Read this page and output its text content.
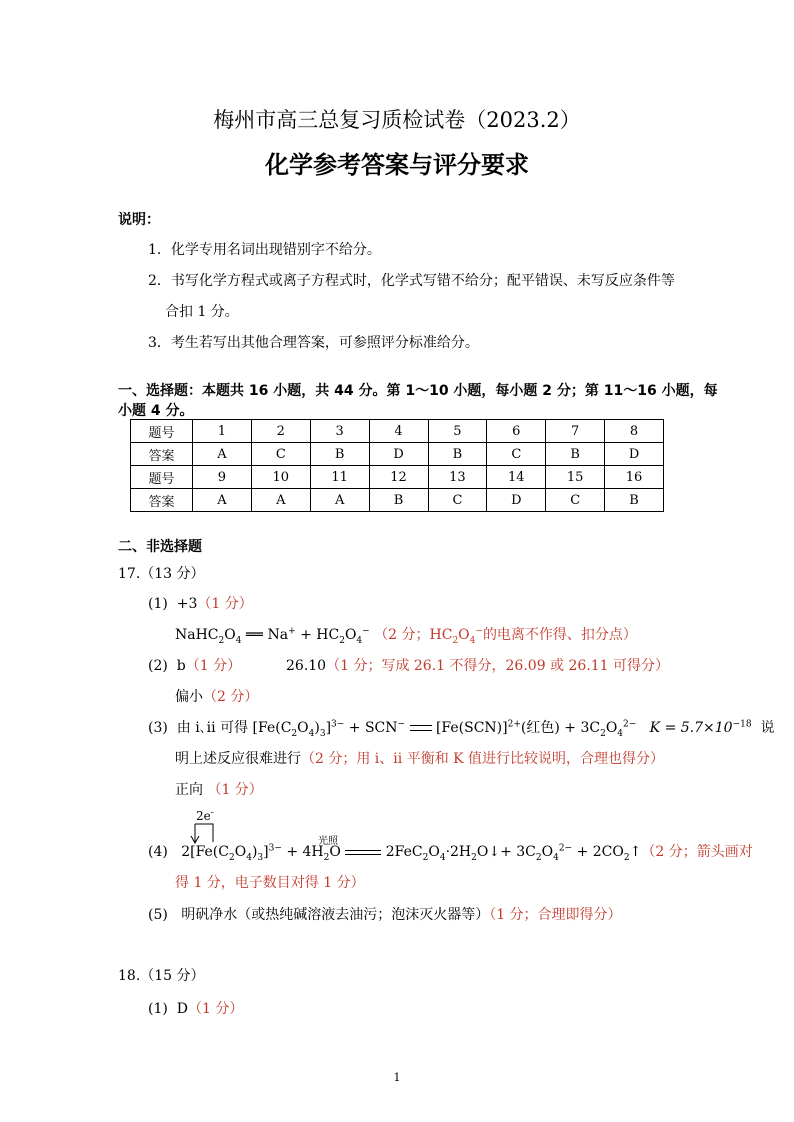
梅州市高三总复习质检试卷（2023.2）
化学参考答案与评分要求
说明：
1．化学专用名词出现错别字不给分。
2．书写化学方程式或离子方程式时，化学式写错不给分；配平错误、未写反应条件等
合扣 1 分。
3．考生若写出其他合理答案，可参照评分标准给分。
一、选择题：本题共 16 小题，共 44 分。第 1～10 小题，每小题 2 分；第 11～16 小题，每
小题 4 分。
题号	1	2	3	4	5	6	7	8
答案	A	C	B	D	B	C	B	D
题号	9	10	11	12	13	14	15	16
答案	A	A	A	B	C	D	C	B
二、非选择题
17.（13 分）
(1) +3（1 分）
$NaHC_2O_4$ ══ $Na^+ + HC_2O_4^-$ （2 分；$HC_2O_4^-$的电离不作得、扣分点）
(2) b（1 分）	26.10（1 分；写成 26.1 不得分，26.09 或 26.11 可得分）
偏小（2 分）
(3) 由 i､ii 可得 $[Fe(C_2O_4)_3]^{3-} + SCN^-$  $[Fe(SCN)]^{2+}$(红色) + $3C_2O_4^{2-}$ $K = 5.7\times 10^{-18}$ 说
明上述反应很难进行（2 分；用 i、ii 平衡和 K 值进行比较说明，合理也得分）
正向 （1 分）
2e-
光照
(4)   $2[Fe(C_2O_4)_3]^{3-} + 4H_2O$	$2FeC_2O_4\cdot 2H_2O↓+ 3C_2O_4^{2-}$ + $2CO_2↑(2$ 分；箭头画对
得 1 分，电子数目对得 1 分）
(5) 明矾净水（或热纯碱溶液去油污；泡沫灭火器等）（1 分；合理即得分）
18.（15 分）
(1) D（1 分）
1
